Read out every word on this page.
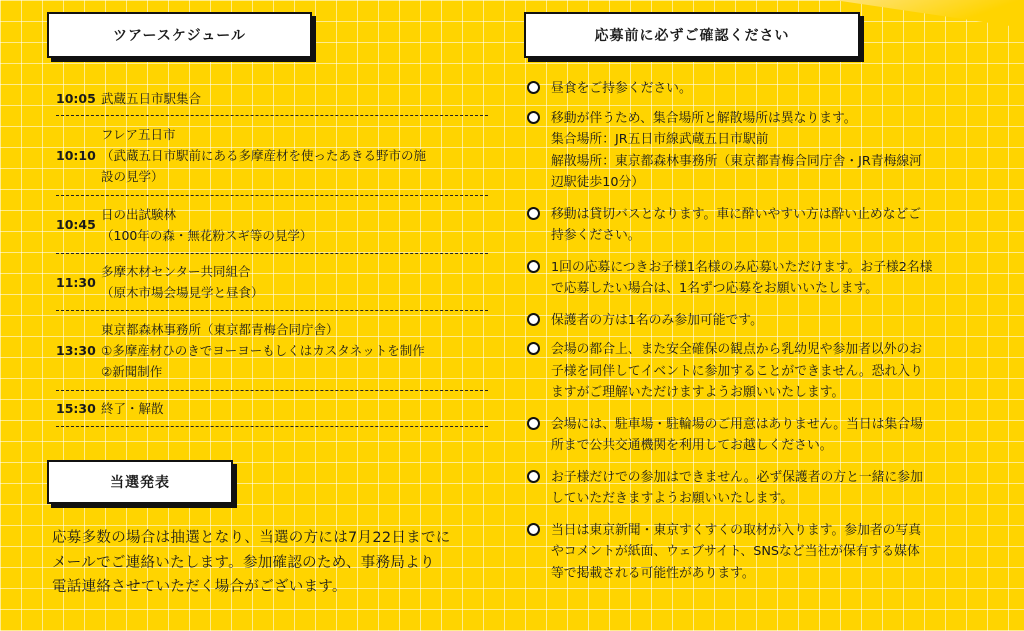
ツアースケジュール
10:05 武蔵五日市駅集合
10:10
フレア五日市
（武蔵五日市駅前にある多摩産材を使ったあきる野市の施
設の見学）
10:45
日の出試験林
（100年の森・無花粉スギ等の見学）
11:30
多摩木材センター共同組合
（原木市場会場見学と昼食）
13:30
東京都森林事務所（東京都青梅合同庁舎）
①多摩産材ひのきでヨーヨーもしくはカスタネットを制作
②新聞制作
15:30 終了・解散
当選発表
応募多数の場合は抽選となり、当選の方には7月22日までに
メールでご連絡いたします。参加確認のため、事務局より
電話連絡させていただく場合がございます。
応募前に必ずご確認ください
昼食をご持参ください。
移動が伴うため、集合場所と解散場所は異なります。
集合場所：JR五日市線武蔵五日市駅前
解散場所：東京都森林事務所（東京都青梅合同庁舎・JR青梅線河
辺駅徒歩10分）
移動は貸切バスとなります。車に酔いやすい方は酔い止めなどご
持参ください。
1回の応募につきお子様1名様のみ応募いただけます。お子様2名様
で応募したい場合は、1名ずつ応募をお願いいたします。
保護者の方は1名のみ参加可能です。
会場の都合上、また安全確保の観点から乳幼児や参加者以外のお
子様を同伴してイベントに参加することができません。恐れ入り
ますがご理解いただけますようお願いいたします。
会場には、駐車場・駐輪場のご用意はありません。当日は集合場
所まで公共交通機関を利用してお越しください。
お子様だけでの参加はできません。必ず保護者の方と一緒に参加
していただきますようお願いいたします。
当日は東京新聞・東京すくすくの取材が入ります。参加者の写真
やコメントが紙面、ウェブサイト、SNSなど当社が保有する媒体
等で掲載される可能性があります。
